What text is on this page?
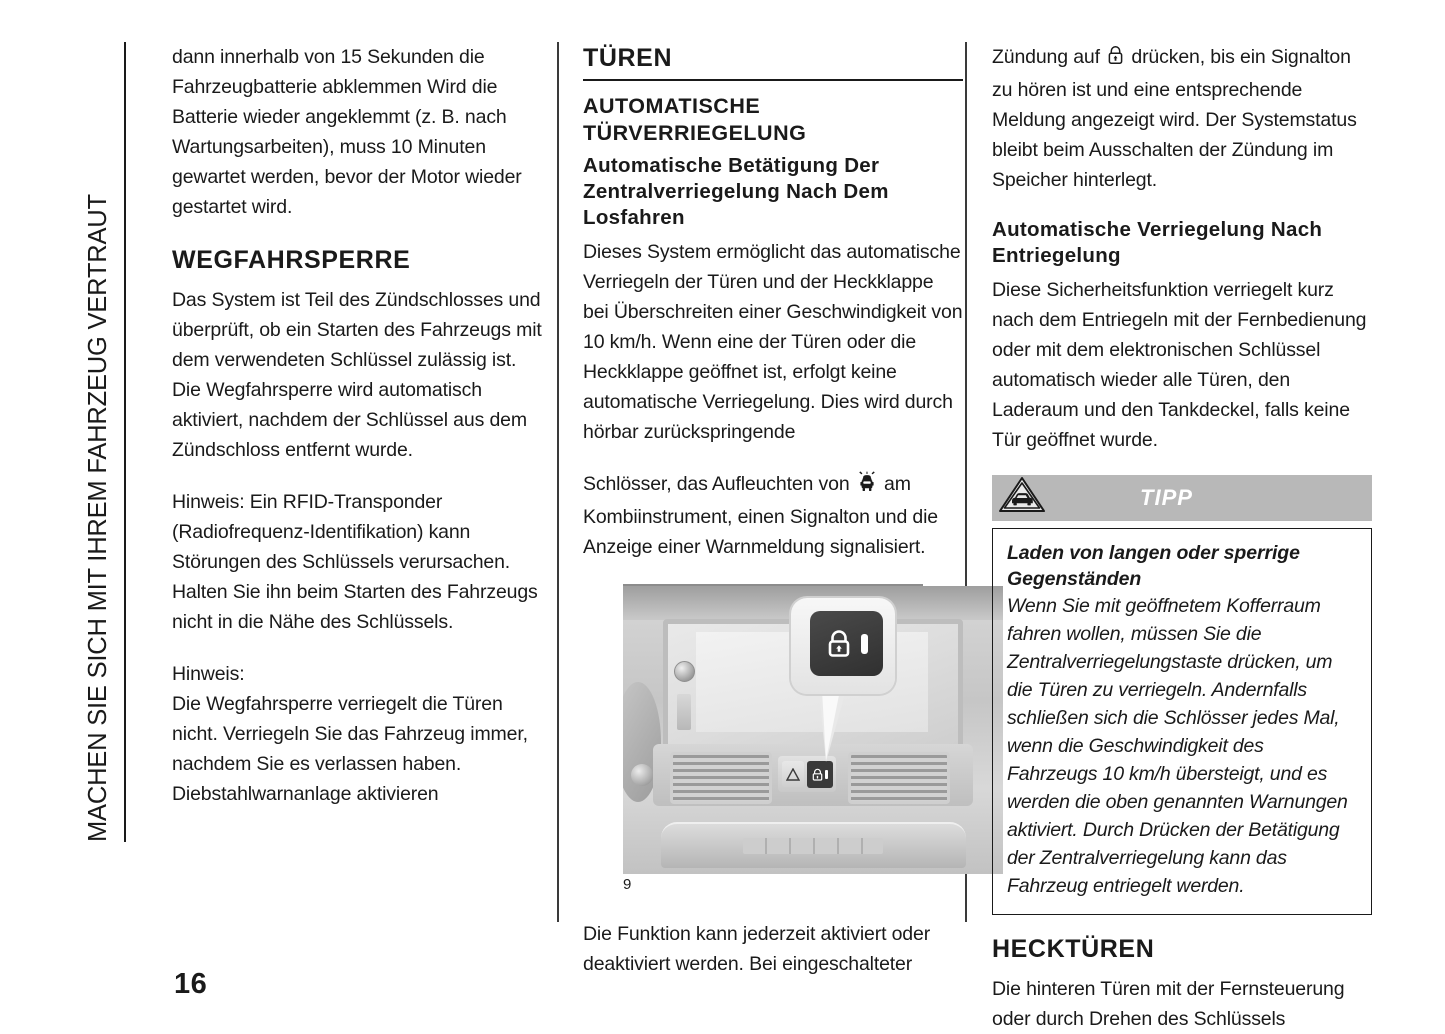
MACHEN SIE SICH MIT IHREM FAHRZEUG VERTRAUT

dann innerhalb von 15 Sekunden die Fahrzeugbatterie abklemmen Wird die Batterie wieder angeklemmt (z. B. nach Wartungsarbeiten), muss 10 Minuten gewartet werden, bevor der Motor wieder gestartet wird.

WEGFAHRSPERRE

Das System ist Teil des Zündschlosses und überprüft, ob ein Starten des Fahrzeugs mit dem verwendeten Schlüssel zulässig ist.

Die Wegfahrsperre wird automatisch aktiviert, nachdem der Schlüssel aus dem Zündschloss entfernt wurde.

Hinweis: Ein RFID-Transponder (Radiofrequenz-Identifikation) kann Störungen des Schlüssels verursachen. Halten Sie ihn beim Starten des Fahrzeugs nicht in die Nähe des Schlüssels.

Hinweis:

Die Wegfahrsperre verriegelt die Türen nicht. Verriegeln Sie das Fahrzeug immer, nachdem Sie es verlassen haben. Diebstahlwarnanlage aktivieren

TÜREN
AUTOMATISCHE TÜRVERRIEGELUNG
Automatische Betätigung Der Zentralverriegelung Nach Dem Losfahren

Dieses System ermöglicht das automatische Verriegeln der Türen und der Heckklappe bei Überschreiten einer Geschwindigkeit von 10 km/h. Wenn eine der Türen oder die Heckklappe geöffnet ist, erfolgt keine automatische Verriegelung. Dies wird durch hörbar zurückspringende

Schlösser, das Aufleuchten von  am Kombiinstrument, einen Signalton und die Anzeige einer Warnmeldung signalisiert.

9

Die Funktion kann jederzeit aktiviert oder deaktiviert werden. Bei eingeschalteter

Zündung auf  drücken, bis ein Signalton zu hören ist und eine entsprechende Meldung angezeigt wird. Der Systemstatus bleibt beim Ausschalten der Zündung im Speicher hinterlegt.

Automatische Verriegelung Nach Entriegelung

Diese Sicherheitsfunktion verriegelt kurz nach dem Entriegeln mit der Fernbedienung oder mit dem elektronischen Schlüssel automatisch wieder alle Türen, den Laderaum und den Tankdeckel, falls keine Tür geöffnet wurde.

TIPP

Laden von langen oder sperrige Gegenständen

Wenn Sie mit geöffnetem Kofferraum fahren wollen, müssen Sie die Zentralverriegelungstaste drücken, um die Türen zu verriegeln. Andernfalls schließen sich die Schlösser jedes Mal, wenn die Geschwindigkeit des Fahrzeugs 10 km/h übersteigt, und es werden die oben genannten Warnungen aktiviert. Durch Drücken der Betätigung der Zentralverriegelung kann das Fahrzeug entriegelt werden.

HECKTÜREN

Die hinteren Türen mit der Fernsteuerung oder durch Drehen des Schlüssels

16
